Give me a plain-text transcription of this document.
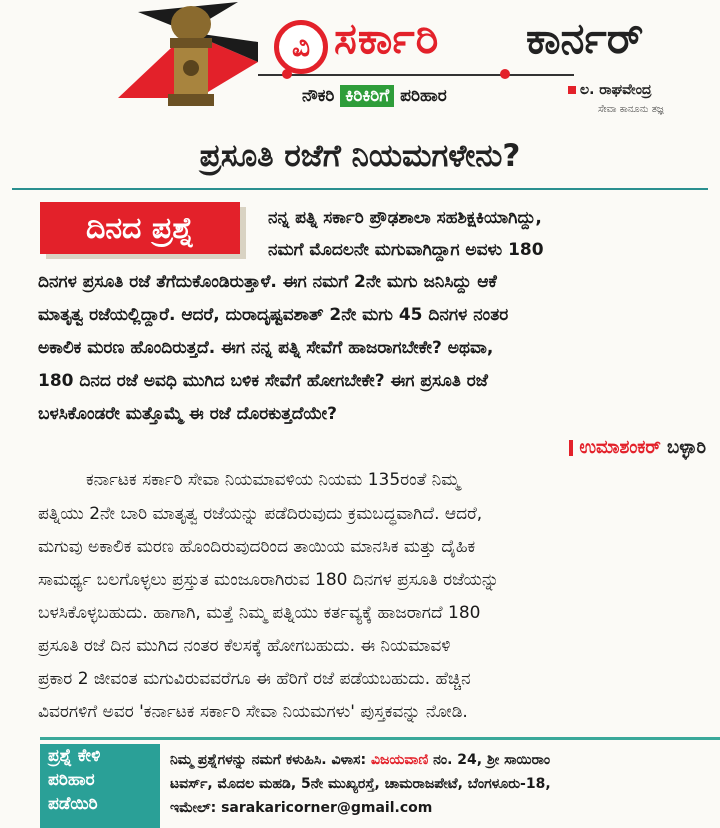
ವಿ ಸರ್ಕಾರಿ ಕಾರ್ನರ್
ನೌಕರಿ ಕಿರಿಕಿರಿಗೆ ಪರಿಹಾರ	ಲ. ರಾಘವೇಂದ್ರ
ಸೇವಾ ಕಾನೂನು ತಜ್ಞ
ಪ್ರಸೂತಿ ರಜೆಗೆ ನಿಯಮಗಳೇನು?
ದಿನದ ಪ್ರಶ್ನೆ	ನನ್ನ ಪತ್ನಿ ಸರ್ಕಾರಿ ಪ್ರೌಢಶಾಲಾ ಸಹಶಿಕ್ಷಕಿಯಾಗಿದ್ದು,
ನಮಗೆ ಮೊದಲನೇ ಮಗುವಾಗಿದ್ದಾಗ ಅವಳು 180
ದಿನಗಳ ಪ್ರಸೂತಿ ರಜೆ ತೆಗೆದುಕೊಂಡಿರುತ್ತಾಳೆ. ಈಗ ನಮಗೆ 2ನೇ ಮಗು ಜನಿಸಿದ್ದು ಆಕೆ
ಮಾತೃತ್ವ ರಜೆಯಲ್ಲಿದ್ದಾರೆ. ಆದರೆ, ದುರಾದೃಷ್ಟವಶಾತ್ 2ನೇ ಮಗು 45 ದಿನಗಳ ನಂತರ
ಅಕಾಲಿಕ ಮರಣ ಹೊಂದಿರುತ್ತದೆ. ಈಗ ನನ್ನ ಪತ್ನಿ ಸೇವೆಗೆ ಹಾಜರಾಗಬೇಕೇ? ಅಥವಾ,
180 ದಿನದ ರಜೆ ಅವಧಿ ಮುಗಿದ ಬಳಿಕ ಸೇವೆಗೆ ಹೋಗಬೇಕೇ? ಈಗ ಪ್ರಸೂತಿ ರಜೆ
ಬಳಸಿಕೊಂಡರೇ ಮತ್ತೊಮ್ಮೆ ಈ ರಜೆ ದೊರಕುತ್ತದೆಯೇ?
ಉಮಾಶಂಕರ್ ಬಳ್ಳಾರಿ
ಕರ್ನಾಟಕ ಸರ್ಕಾರಿ ಸೇವಾ ನಿಯಮಾವಳಿಯ ನಿಯಮ 135ರಂತೆ ನಿಮ್ಮ
ಪತ್ನಿಯು 2ನೇ ಬಾರಿ ಮಾತೃತ್ವ ರಜೆಯನ್ನು ಪಡೆದಿರುವುದು ಕ್ರಮಬದ್ಧವಾಗಿದೆ. ಆದರೆ,
ಮಗುವು ಅಕಾಲಿಕ ಮರಣ ಹೊಂದಿರುವುದರಿಂದ ತಾಯಿಯ ಮಾನಸಿಕ ಮತ್ತು ದೈಹಿಕ
ಸಾಮರ್ಥ್ಯ ಬಲಗೊಳ್ಳಲು ಪ್ರಸ್ತುತ ಮಂಜೂರಾಗಿರುವ 180 ದಿನಗಳ ಪ್ರಸೂತಿ ರಜೆಯನ್ನು
ಬಳಸಿಕೊಳ್ಳಬಹುದು. ಹಾಗಾಗಿ, ಮತ್ತೆ ನಿಮ್ಮ ಪತ್ನಿಯು ಕರ್ತವ್ಯಕ್ಕೆ ಹಾಜರಾಗದೆ 180
ಪ್ರಸೂತಿ ರಜೆ ದಿನ ಮುಗಿದ ನಂತರ ಕೆಲಸಕ್ಕೆ ಹೋಗಬಹುದು. ಈ ನಿಯಮಾವಳಿ
ಪ್ರಕಾರ 2 ಜೀವಂತ ಮಗುವಿರುವವರೆಗೂ ಈ ಹೆರಿಗೆ ರಜೆ ಪಡೆಯಬಹುದು. ಹೆಚ್ಚಿನ
ವಿವರಗಳಿಗೆ ಅವರ 'ಕರ್ನಾಟಕ ಸರ್ಕಾರಿ ಸೇವಾ ನಿಯಮಗಳು' ಪುಸ್ತಕವನ್ನು ನೋಡಿ.
ಪ್ರಶ್ನೆ ಕೇಳಿ
ಪರಿಹಾರ
ಪಡೆಯಿರಿ
ನಿಮ್ಮ ಪ್ರಶ್ನೆಗಳನ್ನು ನಮಗೆ ಕಳುಹಿಸಿ. ವಿಳಾಸ: ವಿಜಯವಾಣಿ ನಂ. 24, ಶ್ರೀ ಸಾಯಿರಾಂ
ಟವರ್ಸ್, ಮೊದಲ ಮಹಡಿ, 5ನೇ ಮುಖ್ಯರಸ್ತೆ, ಚಾಮರಾಜಪೇಟೆ, ಬೆಂಗಳೂರು-18,
ಇಮೇಲ್: sarakaricorner@gmail.com
